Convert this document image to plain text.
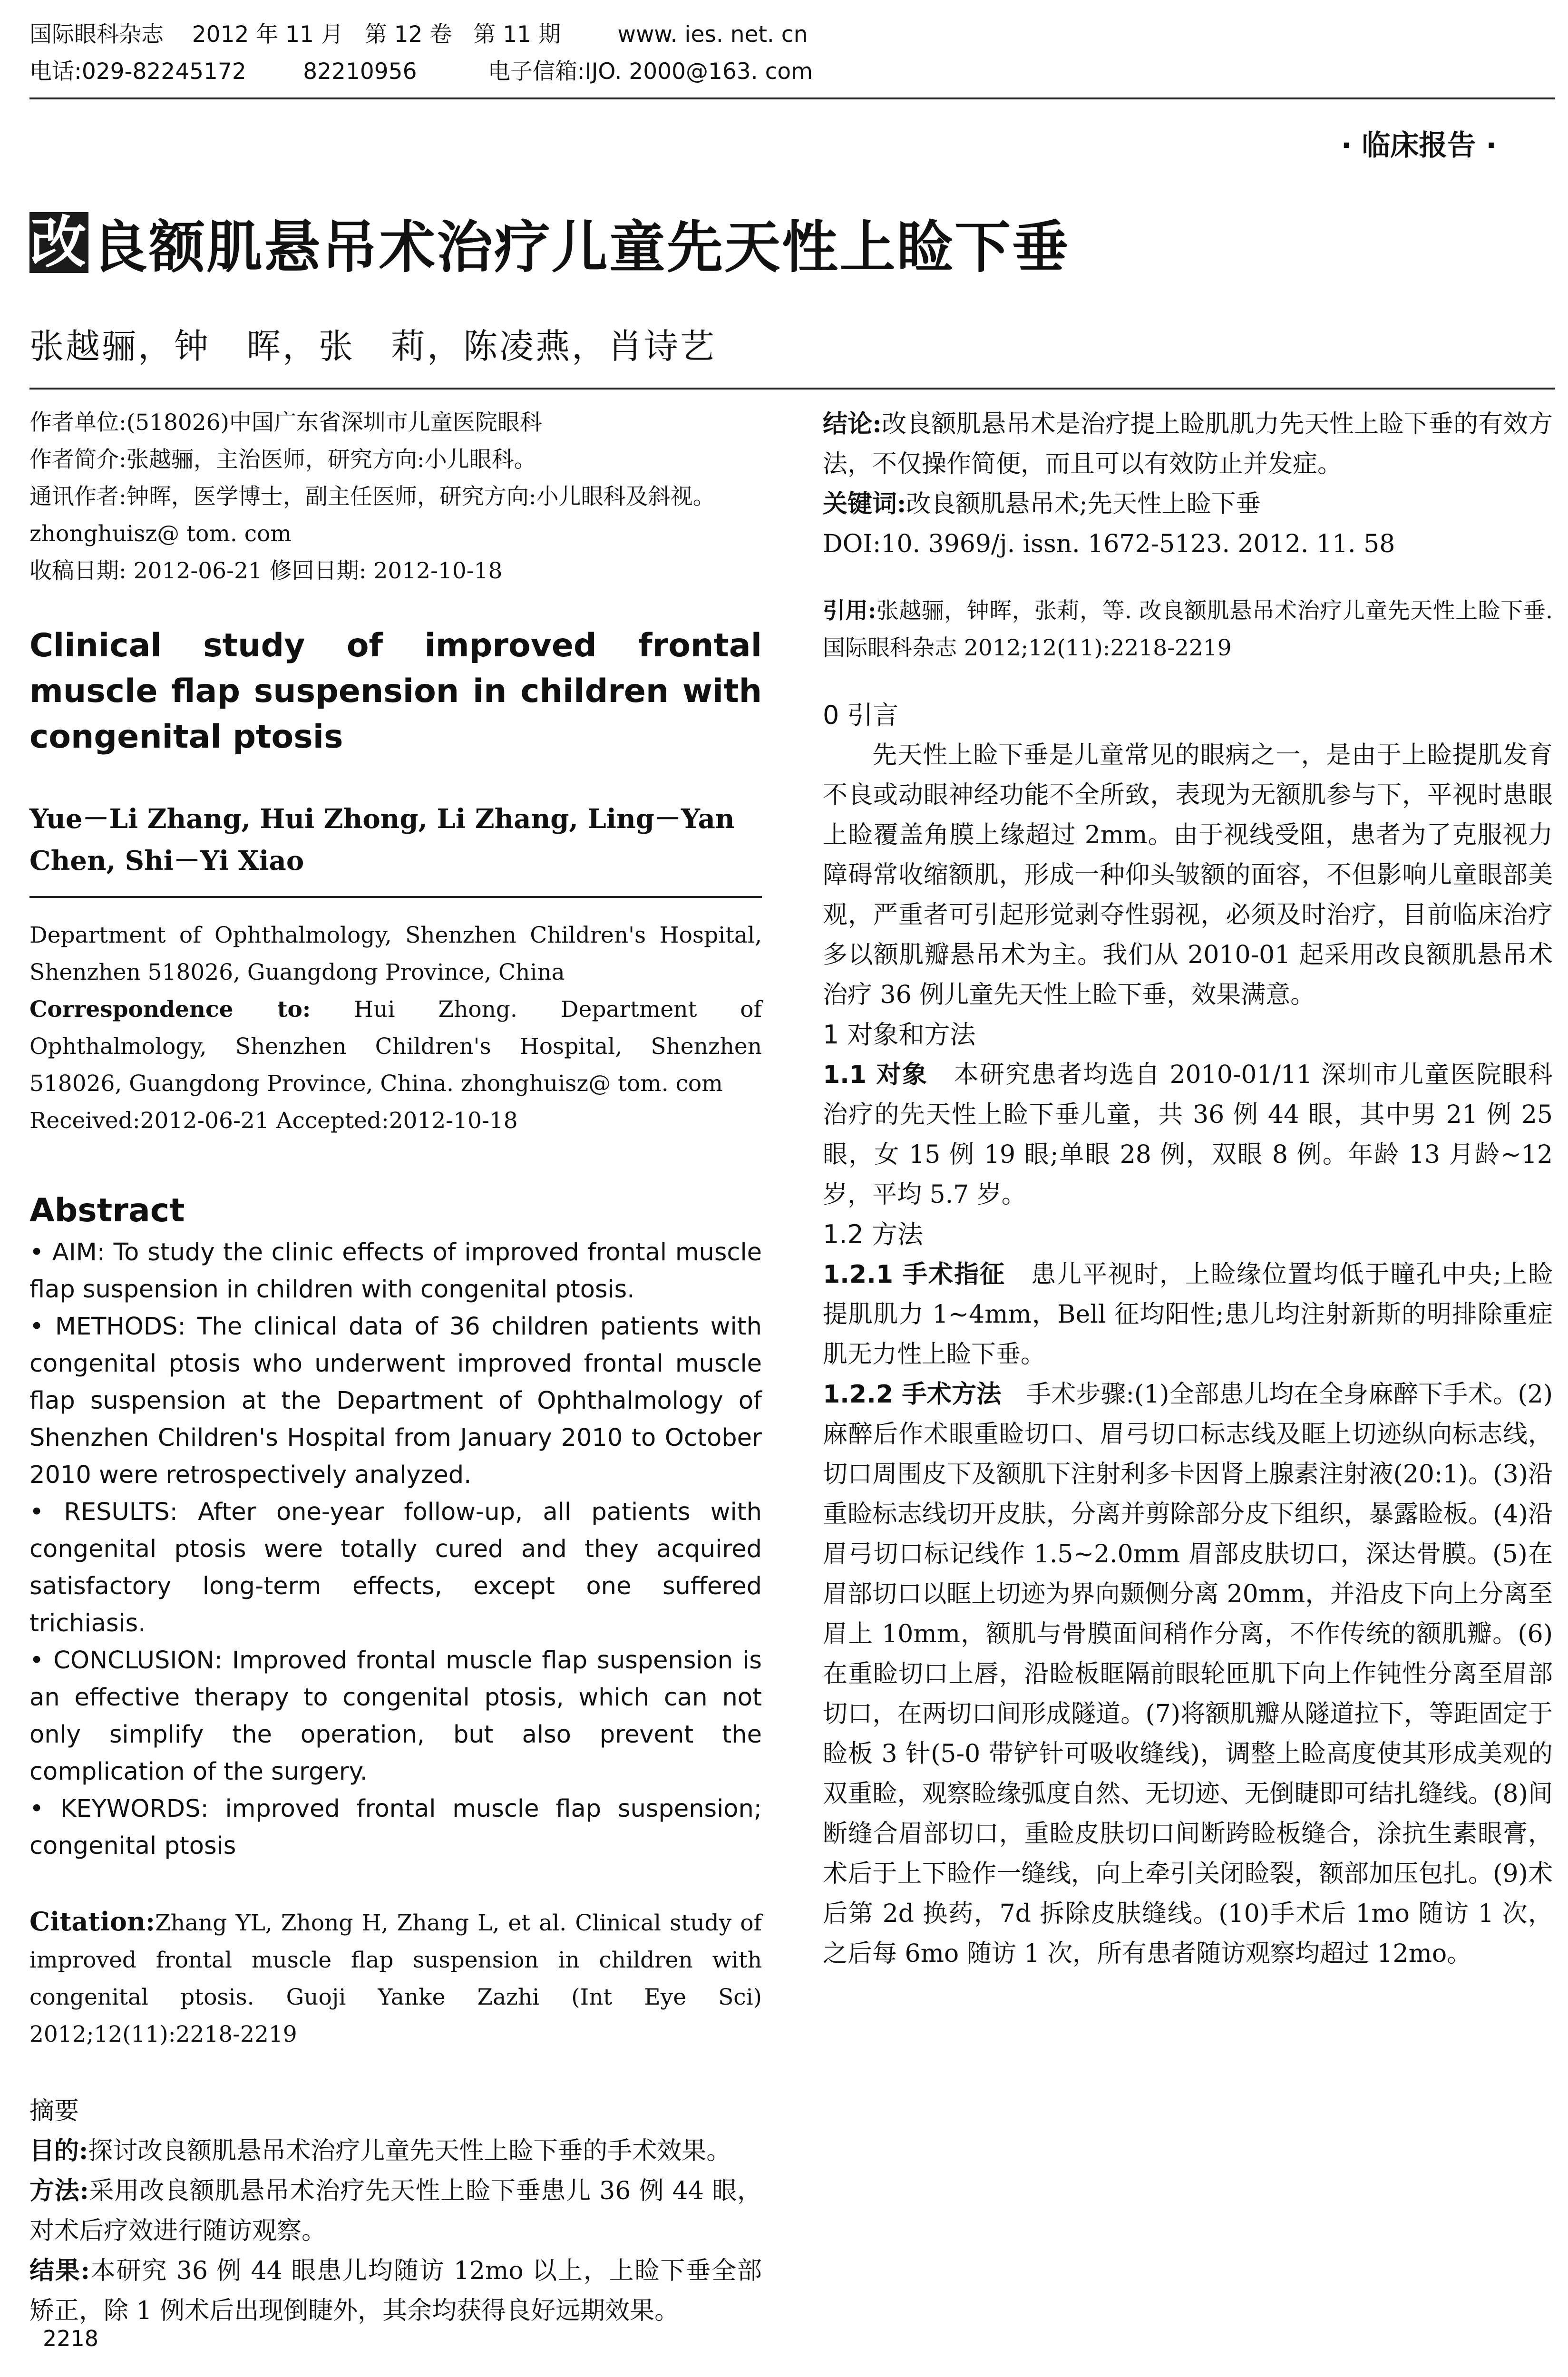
国际眼科杂志    2012 年 11 月   第 12 卷   第 11 期        www. ies. net. cn
电话:029-82245172        82210956          电子信箱:IJO. 2000@163. com
· 临床报告 ·
改 良额肌悬吊术治疗儿童先天性上睑下垂
张越骊，钟　晖，张　莉，陈凌燕，肖诗艺

作者单位:(518026)中国广东省深圳市儿童医院眼科

作者简介:张越骊，主治医师，研究方向:小儿眼科。

通讯作者:钟晖，医学博士，副主任医师，研究方向:小儿眼科及斜视。zhonghuisz@ tom. com

收稿日期: 2012-06-21 修回日期: 2012-10-18

Clinical study of improved frontal muscle flap suspension in children with congenital ptosis

Yue－Li Zhang, Hui Zhong, Li Zhang, Ling－Yan Chen, Shi－Yi Xiao

Department of Ophthalmology, Shenzhen Children's Hospital, Shenzhen 518026, Guangdong Province, China

Correspondence to: Hui Zhong. Department of Ophthalmology, Shenzhen Children's Hospital, Shenzhen 518026, Guangdong Province, China. zhonghuisz@ tom. com

Received:2012-06-21 Accepted:2012-10-18

Abstract

• AIM: To study the clinic effects of improved frontal muscle flap suspension in children with congenital ptosis.

• METHODS: The clinical data of 36 children patients with congenital ptosis who underwent improved frontal muscle flap suspension at the Department of Ophthalmology of Shenzhen Children's Hospital from January 2010 to October 2010 were retrospectively analyzed.

• RESULTS: After one-year follow-up, all patients with congenital ptosis were totally cured and they acquired satisfactory long-term effects, except one suffered trichiasis.

• CONCLUSION: Improved frontal muscle flap suspension is an effective therapy to congenital ptosis, which can not only simplify the operation, but also prevent the complication of the surgery.

• KEYWORDS: improved frontal muscle flap suspension; congenital ptosis

Citation:Zhang YL, Zhong H, Zhang L, et al. Clinical study of improved frontal muscle flap suspension in children with congenital ptosis. Guoji Yanke Zazhi (Int Eye Sci) 2012;12(11):2218-2219

摘要

目的:探讨改良额肌悬吊术治疗儿童先天性上睑下垂的手术效果。

方法:采用改良额肌悬吊术治疗先天性上睑下垂患儿 36 例 44 眼，对术后疗效进行随访观察。

结果:本研究 36 例 44 眼患儿均随访 12mo 以上，上睑下垂全部矫正，除 1 例术后出现倒睫外，其余均获得良好远期效果。

结论:改良额肌悬吊术是治疗提上睑肌肌力先天性上睑下垂的有效方法，不仅操作简便，而且可以有效防止并发症。

关键词:改良额肌悬吊术;先天性上睑下垂

DOI:10. 3969/j. issn. 1672-5123. 2012. 11. 58

引用:张越骊，钟晖，张莉，等. 改良额肌悬吊术治疗儿童先天性上睑下垂. 国际眼科杂志 2012;12(11):2218-2219

0 引言

先天性上睑下垂是儿童常见的眼病之一，是由于上睑提肌发育不良或动眼神经功能不全所致，表现为无额肌参与下，平视时患眼上睑覆盖角膜上缘超过 2mm。由于视线受阻，患者为了克服视力障碍常收缩额肌，形成一种仰头皱额的面容，不但影响儿童眼部美观，严重者可引起形觉剥夺性弱视，必须及时治疗，目前临床治疗多以额肌瓣悬吊术为主。我们从 2010-01 起采用改良额肌悬吊术治疗 36 例儿童先天性上睑下垂，效果满意。

1 对象和方法

1.1 对象　本研究患者均选自 2010-01/11 深圳市儿童医院眼科治疗的先天性上睑下垂儿童，共 36 例 44 眼，其中男 21 例 25 眼，女 15 例 19 眼;单眼 28 例，双眼 8 例。年龄 13 月龄~12 岁，平均 5.7 岁。

1.2 方法

1.2.1 手术指征　患儿平视时，上睑缘位置均低于瞳孔中央;上睑提肌肌力 1~4mm，Bell 征均阳性;患儿均注射新斯的明排除重症肌无力性上睑下垂。

1.2.2 手术方法　手术步骤:(1)全部患儿均在全身麻醉下手术。(2)麻醉后作术眼重睑切口、眉弓切口标志线及眶上切迹纵向标志线，切口周围皮下及额肌下注射利多卡因肾上腺素注射液(20:1)。(3)沿重睑标志线切开皮肤，分离并剪除部分皮下组织，暴露睑板。(4)沿眉弓切口标记线作 1.5~2.0mm 眉部皮肤切口，深达骨膜。(5)在眉部切口以眶上切迹为界向颞侧分离 20mm，并沿皮下向上分离至眉上 10mm，额肌与骨膜面间稍作分离，不作传统的额肌瓣。(6)在重睑切口上唇，沿睑板眶隔前眼轮匝肌下向上作钝性分离至眉部切口，在两切口间形成隧道。(7)将额肌瓣从隧道拉下，等距固定于睑板 3 针(5-0 带铲针可吸收缝线)，调整上睑高度使其形成美观的双重睑，观察睑缘弧度自然、无切迹、无倒睫即可结扎缝线。(8)间断缝合眉部切口，重睑皮肤切口间断跨睑板缝合，涂抗生素眼膏，术后于上下睑作一缝线，向上牵引关闭睑裂，额部加压包扎。(9)术后第 2d 换药，7d 拆除皮肤缝线。(10)手术后 1mo 随访 1 次，之后每 6mo 随访 1 次，所有患者随访观察均超过 12mo。

2218
